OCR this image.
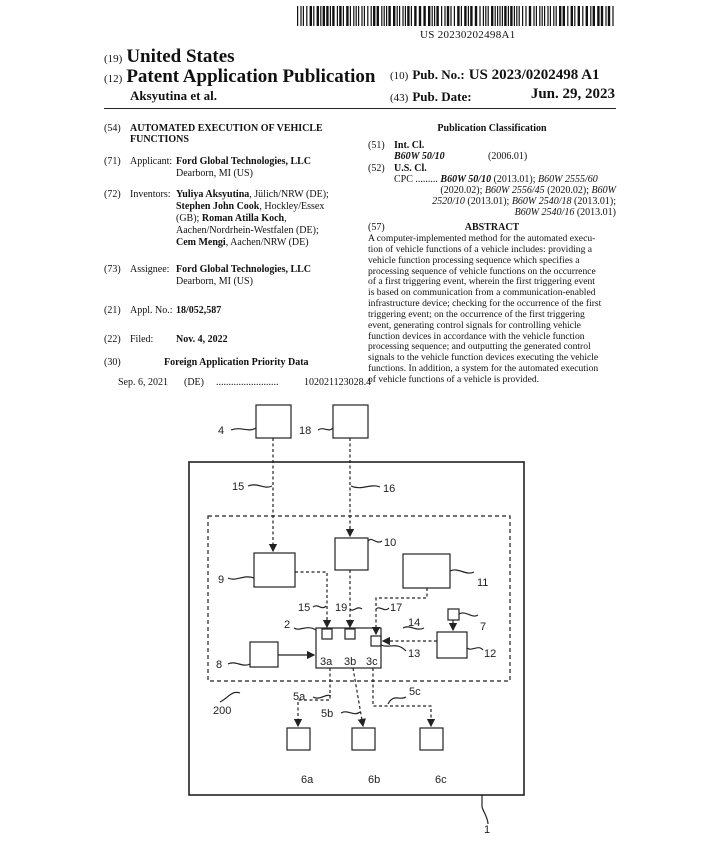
US 20230202498A1
(19) United States
(12) Patent Application Publication
Aksyutina et al.
(10) Pub. No.: US 2023/0202498 A1
(43) Pub. Date:	Jun. 29, 2023
(54) AUTOMATED EXECUTION OF VEHICLE
FUNCTIONS
(71) Applicant: Ford Global Technologies, LLC
Dearborn, MI (US)
(72) Inventors: Yuliya Aksyutina, Jülich/NRW (DE);
Stephen John Cook, Hockley/Essex
(GB); Roman Atilla Koch,
Aachen/Nordrhein-Westfalen (DE);
Cem Mengi, Aachen/NRW (DE)
(73) Assignee: Ford Global Technologies, LLC
Dearborn, MI (US)
(21) Appl. No.: 18/052,587
(22) Filed: Nov. 4, 2022
(30)	Foreign Application Priority Data
Sep. 6, 2021 (DE) .........................	102021123028.4
Publication Classification
(51) Int. Cl.
B60W 50/10	(2006.01)
(52) U.S. Cl.
CPC ......... B60W 50/10 (2013.01); B60W 2555/60
(2020.02); B60W 2556/45 (2020.02); B60W
2520/10 (2013.01); B60W 2540/18 (2013.01);
B60W 2540/16 (2013.01)
(57)	ABSTRACT
A computer-implemented method for the automated execu-
tion of vehicle functions of a vehicle includes: providing a
vehicle function processing sequence which specifies a
processing sequence of vehicle functions on the occurrence
of a first triggering event, wherein the first triggering event
is based on communication from a communication-enabled
infrastructure device; checking for the occurrence of the first
triggering event; on the occurrence of the first triggering
event, generating control signals for controlling vehicle
function devices in accordance with the vehicle function
processing sequence; and outputting the generated control
signals to the vehicle function devices executing the vehicle
functions. In addition, a system for the automated execution
of vehicle functions of a vehicle is provided.
4	18
15	16
10
9	11
15 19	17
2	14	7
13	12
8	3a 3b 3c
5c
5a
200	5b
6a	6b	6c
1
